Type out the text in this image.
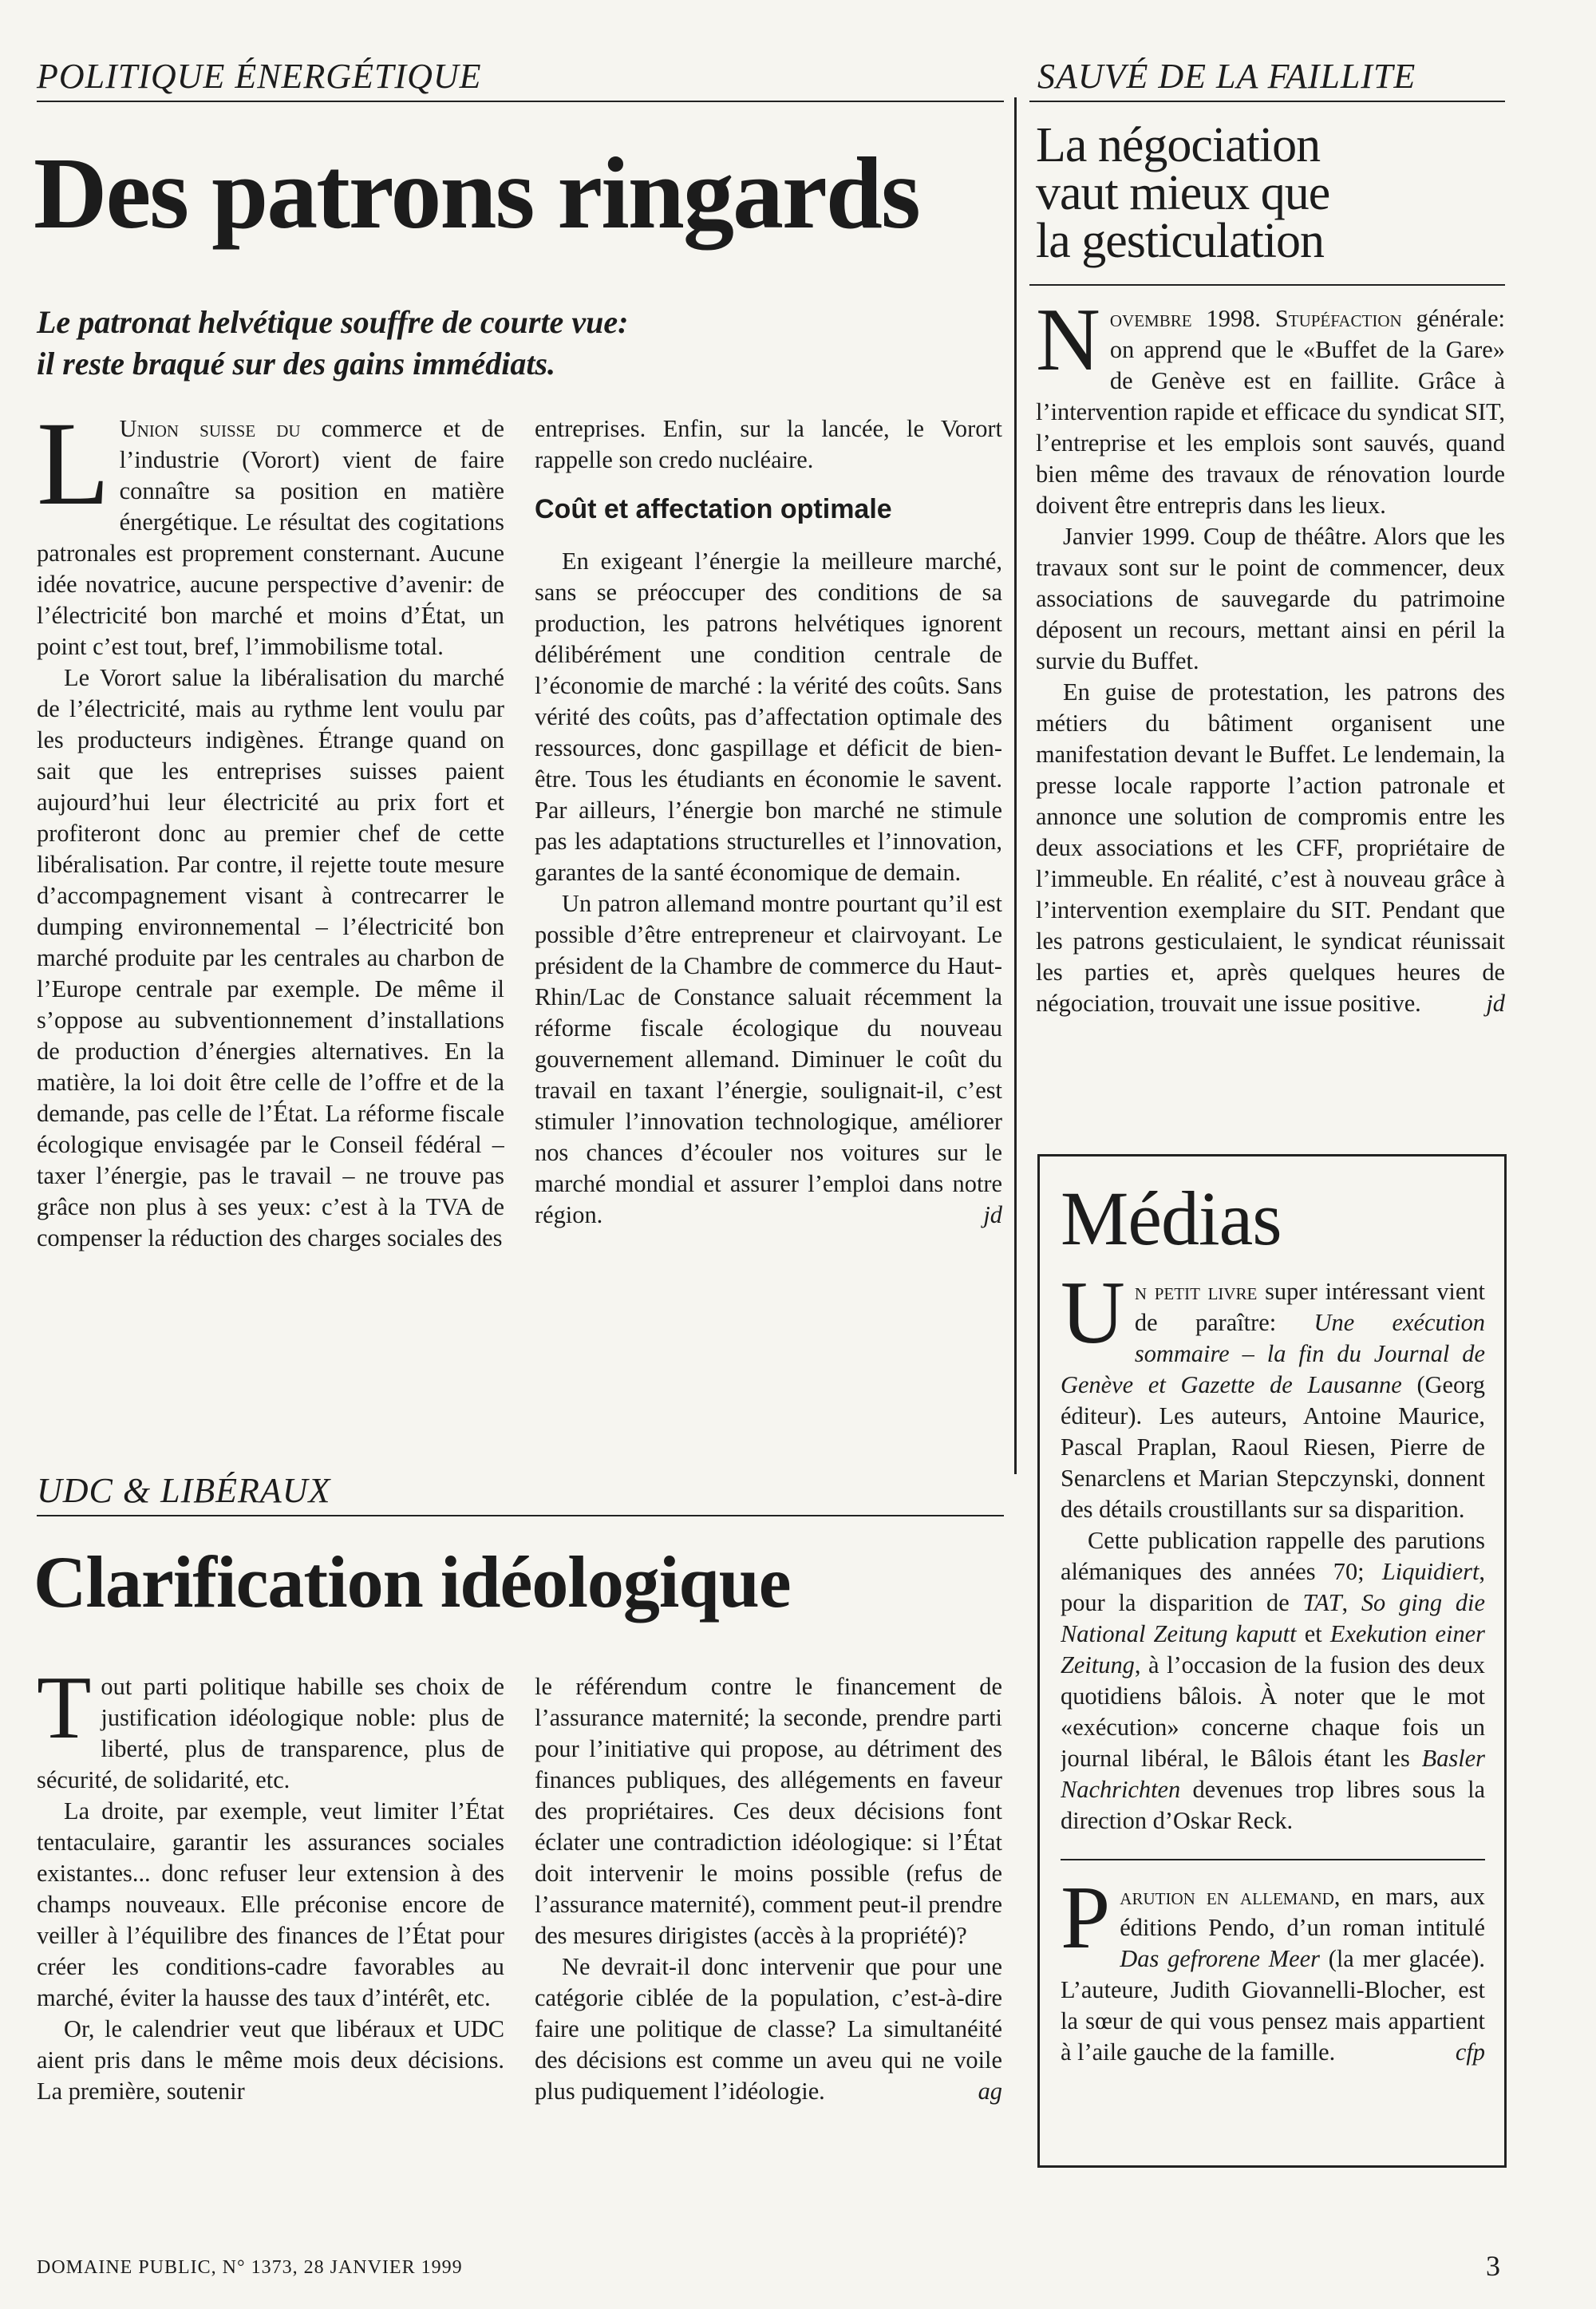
POLITIQUE ÉNERGÉTIQUE
Des patrons ringards
Le patronat helvétique souffre de courte vue:
il reste braqué sur des gains immédiats.

L Union suisse du commerce et de l’industrie (Vorort) vient de faire connaître sa position en matière énergétique. Le résultat des cogitations patronales est proprement consternant. Aucune idée novatrice, aucune perspective d’avenir: de l’électricité bon marché et moins d’État, un point c’est tout, bref, l’immobilisme total.

Le Vorort salue la libéralisation du marché de l’électricité, mais au rythme lent voulu par les producteurs indigènes. Étrange quand on sait que les entreprises suisses paient aujourd’hui leur électricité au prix fort et profiteront donc au premier chef de cette libéralisation. Par contre, il rejette toute mesure d’accompagnement visant à contrecarrer le dumping environnemental – l’électricité bon marché produite par les centrales au charbon de l’Europe centrale par exemple. De même il s’oppose au subventionnement d’installations de production d’énergies alternatives. En la matière, la loi doit être celle de l’offre et de la demande, pas celle de l’État. La réforme fiscale écologique envisagée par le Conseil fédéral – taxer l’énergie, pas le travail – ne trouve pas grâce non plus à ses yeux: c’est à la TVA de compenser la réduction des charges sociales des

entreprises. Enfin, sur la lancée, le Vorort rappelle son credo nucléaire.

Coût et affectation optimale

En exigeant l’énergie la meilleure marché, sans se préoccuper des conditions de sa production, les patrons helvétiques ignorent délibérément une condition centrale de l’économie de marché : la vérité des coûts. Sans vérité des coûts, pas d’affectation optimale des ressources, donc gaspillage et déficit de bien-être. Tous les étudiants en économie le savent. Par ailleurs, l’énergie bon marché ne stimule pas les adaptations structurelles et l’innovation, garantes de la santé économique de demain.

Un patron allemand montre pourtant qu’il est possible d’être entrepreneur et clairvoyant. Le président de la Chambre de commerce du Haut-Rhin/Lac de Constance saluait récemment la réforme fiscale écologique du nouveau gouvernement allemand. Diminuer le coût du travail en taxant l’énergie, soulignait-il, c’est stimuler l’innovation technologique, améliorer nos chances d’écouler nos voitures sur le marché mondial et assurer l’emploi dans notre région.	jd

SAUVÉ DE LA FAILLITE
La négociation
vaut mieux que
la gesticulation

Novembre 1998. Stupéfaction générale: on apprend que le «Buffet de la Gare» de Genève est en faillite. Grâce à l’intervention rapide et efficace du syndicat SIT, l’entreprise et les emplois sont sauvés, quand bien même des travaux de rénovation lourde doivent être entrepris dans les lieux.

Janvier 1999. Coup de théâtre. Alors que les travaux sont sur le point de commencer, deux associations de sauvegarde du patrimoine déposent un recours, mettant ainsi en péril la survie du Buffet.

En guise de protestation, les patrons des métiers du bâtiment organisent une manifestation devant le Buffet. Le lendemain, la presse locale rapporte l’action patronale et annonce une solution de compromis entre les deux associations et les CFF, propriétaire de l’immeuble. En réalité, c’est à nouveau grâce à l’intervention exemplaire du SIT. Pendant que les patrons gesticulaient, le syndicat réunissait les parties et, après quelques heures de négociation, trouvait une issue positive.	jd

Médias

Un petit livre super intéressant vient de paraître: Une exécution sommaire – la fin du Journal de Genève et Gazette de Lausanne (Georg éditeur). Les auteurs, Antoine Maurice, Pascal Praplan, Raoul Riesen, Pierre de Senarclens et Marian Stepczynski, donnent des détails croustillants sur sa disparition.

Cette publication rappelle des parutions alémaniques des années 70; Liquidiert, pour la disparition de TAT, So ging die National Zeitung kaputt et Exekution einer Zeitung, à l’occasion de la fusion des deux quotidiens bâlois. À noter que le mot «exécution» concerne chaque fois un journal libéral, le Bâlois étant les Basler Nachrichten devenues trop libres sous la direction d’Oskar Reck.

Parution en allemand, en mars, aux éditions Pendo, d’un roman intitulé Das gefrorene Meer (la mer glacée). L’auteure, Judith Giovannelli-Blocher, est la sœur de qui vous pensez mais appartient à l’aile gauche de la famille.	cfp

UDC & LIBÉRAUX
Clarification idéologique

Tout parti politique habille ses choix de justification idéologique noble: plus de liberté, plus de transparence, plus de sécurité, de solidarité, etc.

La droite, par exemple, veut limiter l’État tentaculaire, garantir les assurances sociales existantes... donc refuser leur extension à des champs nouveaux. Elle préconise encore de veiller à l’équilibre des finances de l’État pour créer les conditions-cadre favorables au marché, éviter la hausse des taux d’intérêt, etc.

Or, le calendrier veut que libéraux et UDC aient pris dans le même mois deux décisions. La première, soutenir

le référendum contre le financement de l’assurance maternité; la seconde, prendre parti pour l’initiative qui propose, au détriment des finances publiques, des allégements en faveur des propriétaires. Ces deux décisions font éclater une contradiction idéologique: si l’État doit intervenir le moins possible (refus de l’assurance maternité), comment peut-il prendre des mesures dirigistes (accès à la propriété)?

Ne devrait-il donc intervenir que pour une catégorie ciblée de la population, c’est-à-dire faire une politique de classe? La simultanéité des décisions est comme un aveu qui ne voile plus pudiquement l’idéologie.	ag

DOMAINE PUBLIC, N° 1373, 28 JANVIER 1999	3
